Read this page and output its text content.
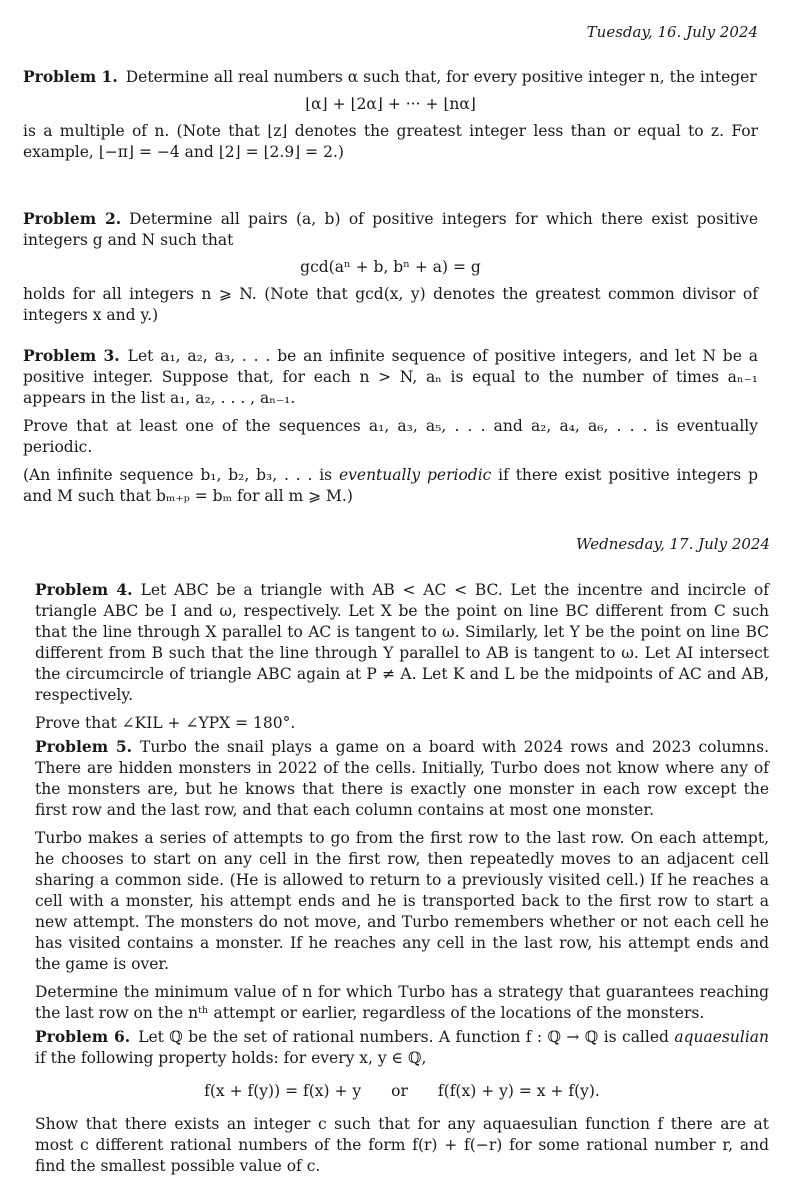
Tuesday, 16. July 2024

Problem 1. Determine all real numbers α such that, for every positive integer n, the integer

⌊α⌋ + ⌊2α⌋ + ··· + ⌊nα⌋

is a multiple of n. (Note that ⌊z⌋ denotes the greatest integer less than or equal to z. For example, ⌊−π⌋ = −4 and ⌊2⌋ = ⌊2.9⌋ = 2.)

Problem 2. Determine all pairs (a, b) of positive integers for which there exist positive integers g and N such that

gcd(aⁿ + b, bⁿ + a) = g

holds for all integers n ⩾ N. (Note that gcd(x, y) denotes the greatest common divisor of integers x and y.)

Problem 3. Let a₁, a₂, a₃, . . . be an infinite sequence of positive integers, and let N be a positive integer. Suppose that, for each n > N, aₙ is equal to the number of times aₙ₋₁ appears in the list a₁, a₂, . . . , aₙ₋₁.

Prove that at least one of the sequences a₁, a₃, a₅, . . . and a₂, a₄, a₆, . . . is eventually periodic.

(An infinite sequence b₁, b₂, b₃, . . . is eventually periodic if there exist positive integers p and M such that bₘ₊ₚ = bₘ for all m ⩾ M.)

Wednesday, 17. July 2024

Problem 4. Let ABC be a triangle with AB < AC < BC. Let the incentre and incircle of triangle ABC be I and ω, respectively. Let X be the point on line BC different from C such that the line through X parallel to AC is tangent to ω. Similarly, let Y be the point on line BC different from B such that the line through Y parallel to AB is tangent to ω. Let AI intersect the circumcircle of triangle ABC again at P ≠ A. Let K and L be the midpoints of AC and AB, respectively.

Prove that ∠KIL + ∠YPX = 180°.

Problem 5. Turbo the snail plays a game on a board with 2024 rows and 2023 columns. There are hidden monsters in 2022 of the cells. Initially, Turbo does not know where any of the monsters are, but he knows that there is exactly one monster in each row except the first row and the last row, and that each column contains at most one monster.

Turbo makes a series of attempts to go from the first row to the last row. On each attempt, he chooses to start on any cell in the first row, then repeatedly moves to an adjacent cell sharing a common side. (He is allowed to return to a previously visited cell.) If he reaches a cell with a monster, his attempt ends and he is transported back to the first row to start a new attempt. The monsters do not move, and Turbo remembers whether or not each cell he has visited contains a monster. If he reaches any cell in the last row, his attempt ends and the game is over.

Determine the minimum value of n for which Turbo has a strategy that guarantees reaching the last row on the nᵗʰ attempt or earlier, regardless of the locations of the monsters.

Problem 6. Let ℚ be the set of rational numbers. A function f : ℚ → ℚ is called aquaesulian if the following property holds: for every x, y ∈ ℚ,

f(x + f(y)) = f(x) + y or f(f(x) + y) = x + f(y).

Show that there exists an integer c such that for any aquaesulian function f there are at most c different rational numbers of the form f(r) + f(−r) for some rational number r, and find the smallest possible value of c.
